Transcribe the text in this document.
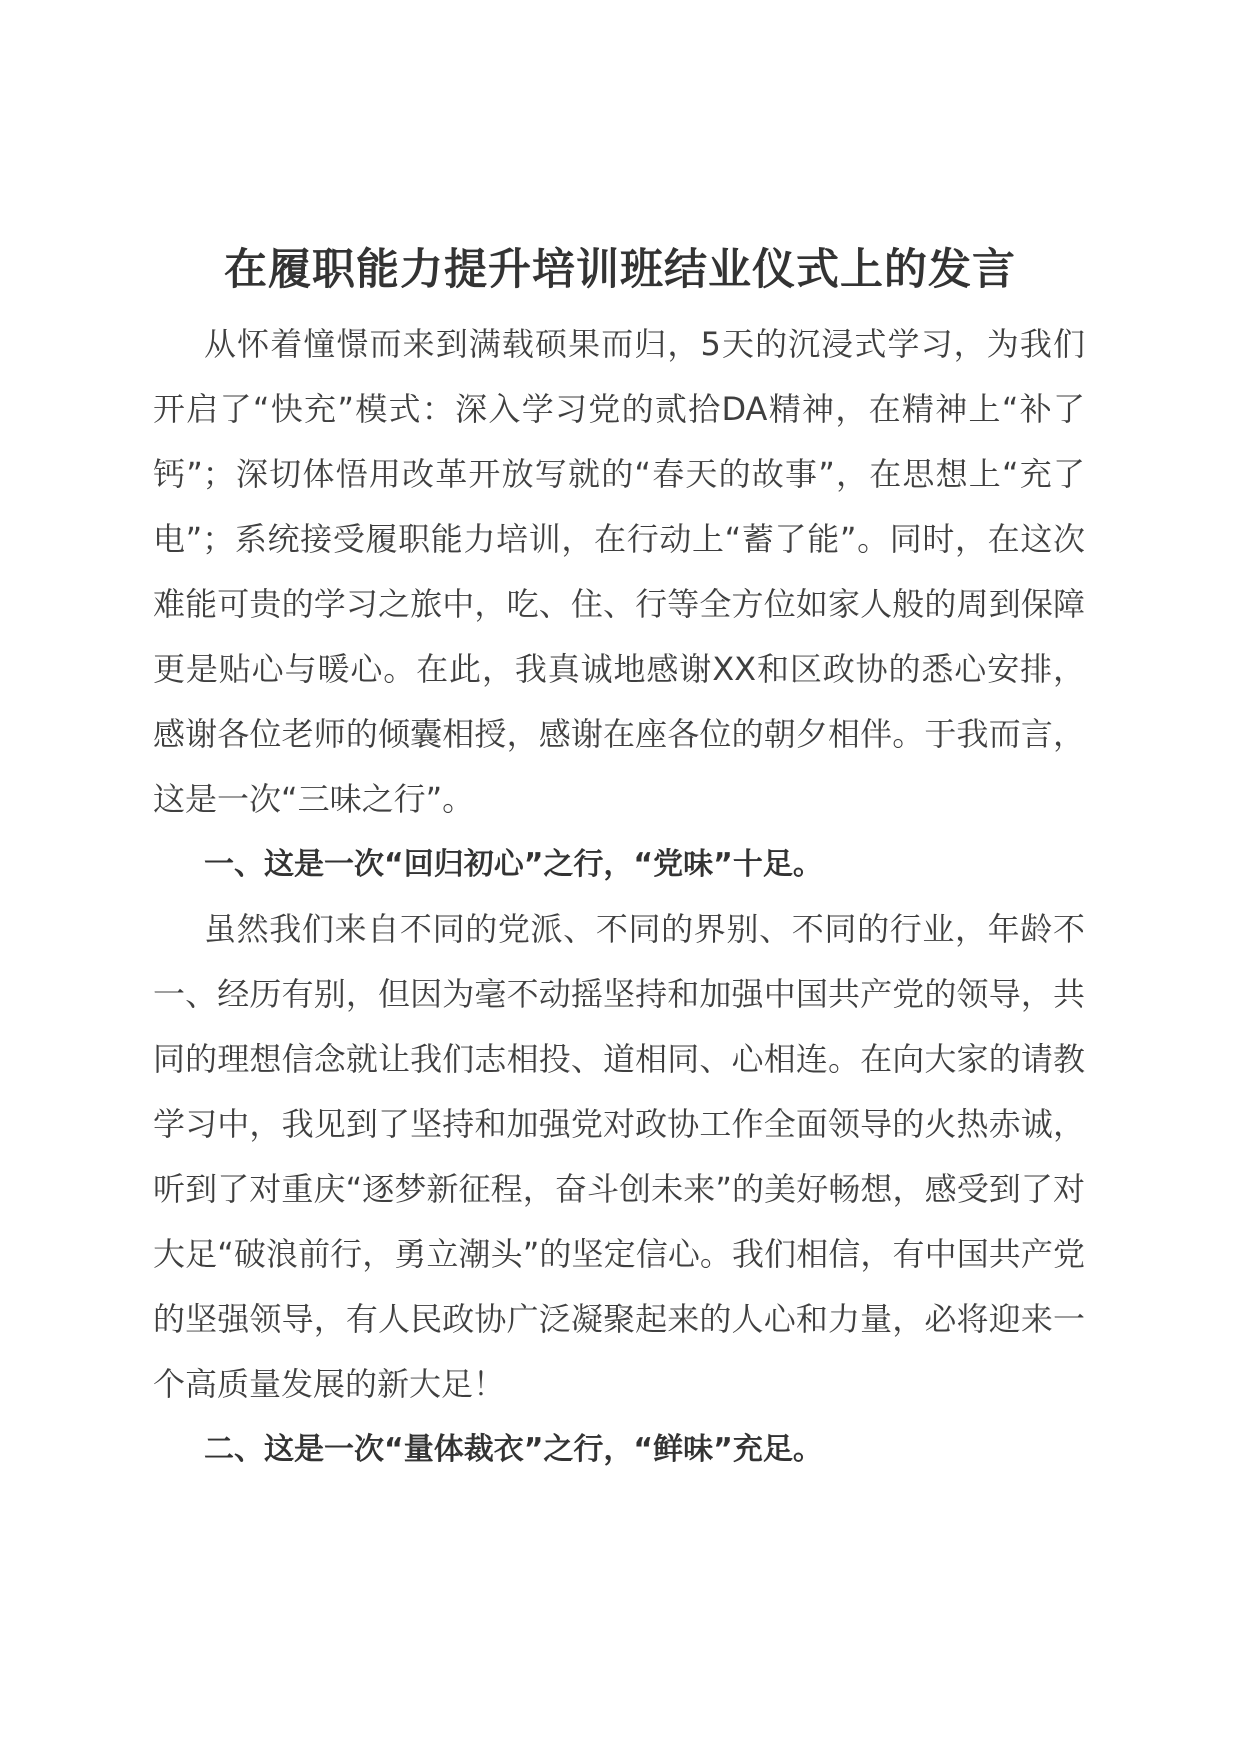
在履职能力提升培训班结业仪式上的发言

从怀着憧憬而来到满载硕果而归，5天的沉浸式学习，为我们开启了“快充”模式：深入学习党的贰拾DA精神，在精神上“补了钙”；深切体悟用改革开放写就的“春天的故事”，在思想上“充了电”；系统接受履职能力培训，在行动上“蓄了能”。同时，在这次难能可贵的学习之旅中，吃、住、行等全方位如家人般的周到保障更是贴心与暖心。在此，我真诚地感谢XX和区政协的悉心安排，感谢各位老师的倾囊相授，感谢在座各位的朝夕相伴。于我而言，这是一次“三味之行”。

一、这是一次“回归初心”之行，“党味”十足。

虽然我们来自不同的党派、不同的界别、不同的行业，年龄不一、经历有别，但因为毫不动摇坚持和加强中国共产党的领导，共同的理想信念就让我们志相投、道相同、心相连。在向大家的请教学习中，我见到了坚持和加强党对政协工作全面领导的火热赤诚，听到了对重庆“逐梦新征程，奋斗创未来”的美好畅想，感受到了对大足“破浪前行，勇立潮头”的坚定信心。我们相信，有中国共产党的坚强领导，有人民政协广泛凝聚起来的人心和力量，必将迎来一个高质量发展的新大足！

二、这是一次“量体裁衣”之行，“鲜味”充足。
